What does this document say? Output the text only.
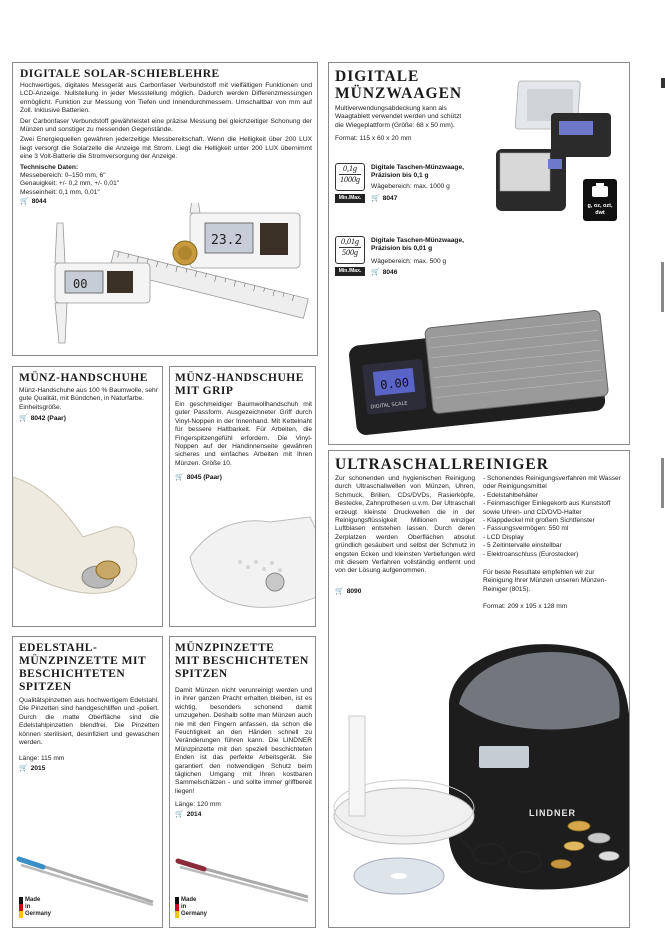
DIGITALE SOLAR-SCHIEBLEHRE
Hochwertiges, digitales Messgerät aus Carbonfaser Verbundstoff mit vielfältigen Funktionen und LCD-Anzeige. Nullstellung in jeder Messstellung möglich. Dadurch werden Differenzmessungen ermöglicht. Funktion zur Messung von Tiefen und Innendurchmessern. Umschaltbar von mm auf Zoll. Inklusive Batterien.
Der Carbonfaser Verbundstoff gewährleistet eine präzise Messung bei gleichzeitiger Schonung der Münzen und sonstiger zu messenden Gegenstände.
Zwei Energiequellen gewähren jederzeitige Messbereitschaft. Wenn die Helligkeit über 200 LUX liegt versorgt die Solarzelle die Anzeige mit Strom. Liegt die Helligkeit unter 200 LUX übernimmt eine 3 Volt-Batterie die Stromversorgung der Anzeige.
Technische Daten:
Messebereich: 0–150 mm, 6"
Genauigkeit: +/- 0,2 mm, +/- 0,01"
Messeinheit: 0,1 mm, 0,01"
🛒 8044
00
23.2
DIGITALE
MÜNZWAAGEN
Multiverwendungsabdeckung kann als Waagtablett verwendet werden und schützt die Wiegeplattform (Größe: 68 x 50 mm).
Format: 115 x 60 x 20 mm
0,1g
1000g
Min./Max.
Digitale Taschen-Münzwaage, Präzision bis 0,1 g
Wägebereich: max. 1000 g
🛒 8047
0,01g
500g
Min./Max.
Digitale Taschen-Münzwaage, Präzision bis 0,01 g
Wägebereich: max. 500 g
🛒 8046
g, oz, ozt, dwt
0.00
DIGITAL SCALE
MÜNZ-HANDSCHUHE
Münz-Handschuhe aus 100 % Baumwolle, sehr gute Qualität, mit Bündchen, in Naturfarbe. Einheitsgröße.
🛒 8042 (Paar)
MÜNZ-HANDSCHUHE
MIT GRIP
Ein geschmeidiger Baumwollhandschuh mit guter Passform. Ausgezeichneter Griff durch Vinyl-Noppen in der Innenhand. Mit Kettelnaht für bessere Haltbarkeit. Für Arbeiten, die Fingerspitzengefühl erfordern. Die Vinyl-Noppen auf der Handinnenseite gewähren sicheres und einfaches Arbeiten mit Ihren Münzen. Größe 10.
🛒 8045 (Paar)
EDELSTAHL-
MÜNZPINZETTE MIT
BESCHICHTETEN
SPITZEN
Qualitätspinzetten aus hochwertigem Edelstahl. Die Pinzetten sind handgeschliffen und -poliert. Durch die matte Oberfläche sind die Edelstahlpinzetten blendfrei. Die Pinzetten können sterilisiert, desinfiziert und gewaschen werden.
Länge: 115 mm
🛒 2015
Made
in
Germany
MÜNZPINZETTE
MIT BESCHICHTETEN
SPITZEN
Damit Münzen nicht verunreinigt werden und in ihrer ganzen Pracht erhalten bleiben, ist es wichtig, besonders schonend damit umzugehen. Deshalb sollte man Münzen auch nie mit den Fingern anfassen, da schon die Feuchtigkeit an den Händen schnell zu Veränderungen führen kann. Die LINDNER Münzpinzette mit den speziell beschichteten Enden ist das perfekte Arbeitsgerät. Sie garantiert den notwendigen Schutz beim täglichen Umgang mit Ihren kostbaren Sammelschätzen - und sollte immer griffbereit liegen!
Länge: 120 mm
🛒 2014
Made
in
Germany
ULTRASCHALLREINIGER
Zur schonenden und hygienischen Reinigung durch Ultraschallwellen von Münzen, Uhren, Schmuck, Brillen, CDs/DVDs, Rasierköpfe, Bestecke, Zahnprothesen u.v.m. Der Ultraschall erzeugt kleinste Druckwellen die in der Reinigungsflüssigkeit Millionen winziger Luftblasen entstehen lassen. Durch deren Zerplatzen werden Oberflächen absolut gründlich gesäubert und selbst der Schmutz in engsten Ecken und kleinsten Vertiefungen wird mit diesem Verfahren vollständig entfernt und von der Lösung aufgenommen.
🛒 8090
- Schonendes Reinigungsverfahren mit Wasser oder Reinigungsmittel
- Edelstahlbehälter
- Feinmaschiger Einlegekorb aus Kunststoff sowie Uhren- und CD/DVD-Halter
- Klappdeckel mit großem Sichtfenster
- Fassungsvermögen: 550 ml
- LCD Display
- 5 Zeitintervalle einstellbar
- Elektroanschluss (Eurostecker)
Für beste Resultate empfehlen wir zur Reinigung Ihrer Münzen unseren Münzen-Reiniger (8015).
Format: 209 x 195 x 128 mm
LINDNER
